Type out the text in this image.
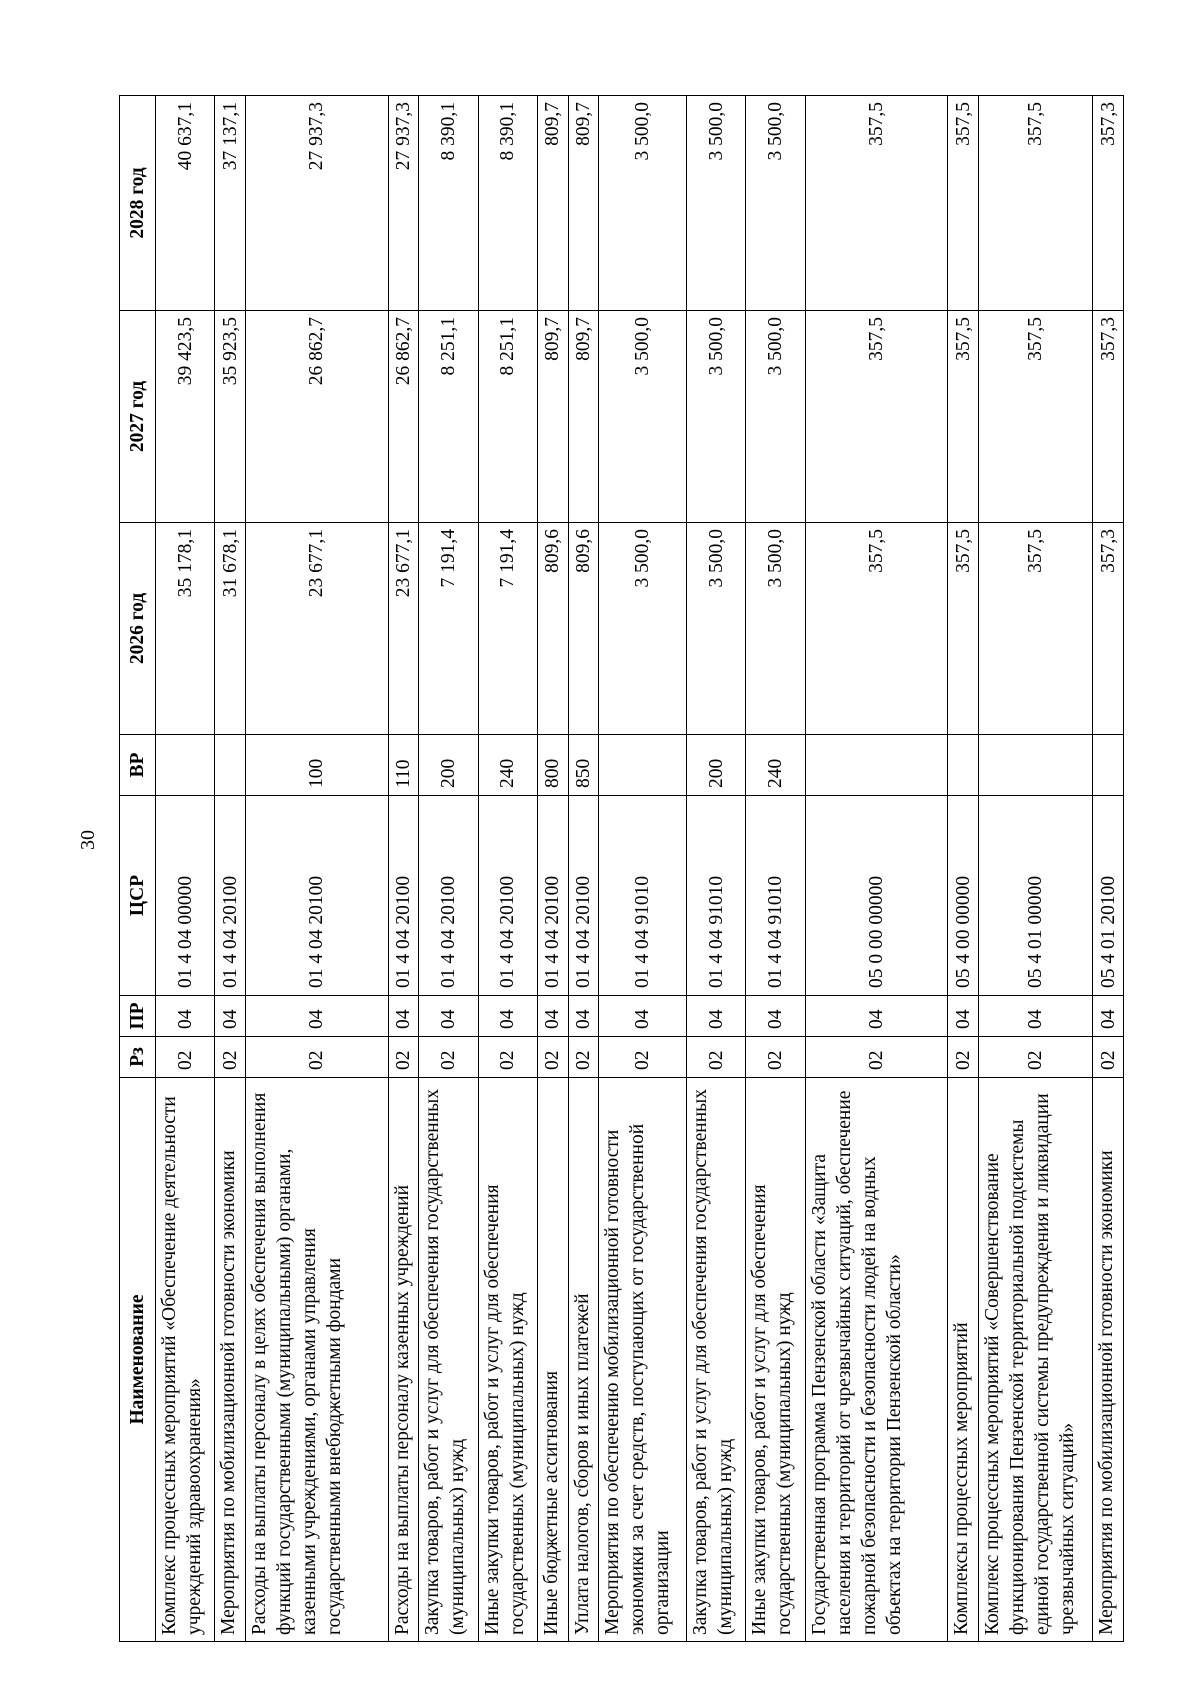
30
Наименование	Рз	ПР	ЦСР	ВР	2026 год	2027 год	2028 год
Комплекс процессных мероприятий «Обеспечение деятельности учреждений здравоохранения»	02	04	01 4 04 00000		35 178,1	39 423,5	40 637,1
Мероприятия по мобилизационной готовности экономики	02	04	01 4 04 20100		31 678,1	35 923,5	37 137,1
Расходы на выплаты персоналу в целях обеспечения выполнения функций государственными (муниципальными) органами, казенными учреждениями, органами управления государственными внебюджетными фондами	02	04	01 4 04 20100	100	23 677,1	26 862,7	27 937,3
Расходы на выплаты персоналу казенных учреждений	02	04	01 4 04 20100	110	23 677,1	26 862,7	27 937,3
Закупка товаров, работ и услуг для обеспечения государственных (муниципальных) нужд	02	04	01 4 04 20100	200	7 191,4	8 251,1	8 390,1
Иные закупки товаров, работ и услуг для обеспечения государственных (муниципальных) нужд	02	04	01 4 04 20100	240	7 191,4	8 251,1	8 390,1
Иные бюджетные ассигнования	02	04	01 4 04 20100	800	809,6	809,7	809,7
Уплата налогов, сборов и иных платежей	02	04	01 4 04 20100	850	809,6	809,7	809,7
Мероприятия по обеспечению мобилизационной готовности экономики за счет средств, поступающих от государственной организации	02	04	01 4 04 91010		3 500,0	3 500,0	3 500,0
Закупка товаров, работ и услуг для обеспечения государственных (муниципальных) нужд	02	04	01 4 04 91010	200	3 500,0	3 500,0	3 500,0
Иные закупки товаров, работ и услуг для обеспечения государственных (муниципальных) нужд	02	04	01 4 04 91010	240	3 500,0	3 500,0	3 500,0
Государственная программа Пензенской области «Защита населения и территорий от чрезвычайных ситуаций, обеспечение пожарной безопасности и безопасности людей на водных объектах на территории Пензенской области»	02	04	05 0 00 00000		357,5	357,5	357,5
Комплексы процессных мероприятий	02	04	05 4 00 00000		357,5	357,5	357,5
Комплекс процессных мероприятий «Совершенствование функционирования Пензенской территориальной подсистемы единой государственной системы предупреждения и ликвидации чрезвычайных ситуаций»	02	04	05 4 01 00000		357,5	357,5	357,5
Мероприятия по мобилизационной готовности экономики	02	04	05 4 01 20100		357,3	357,3	357,3
